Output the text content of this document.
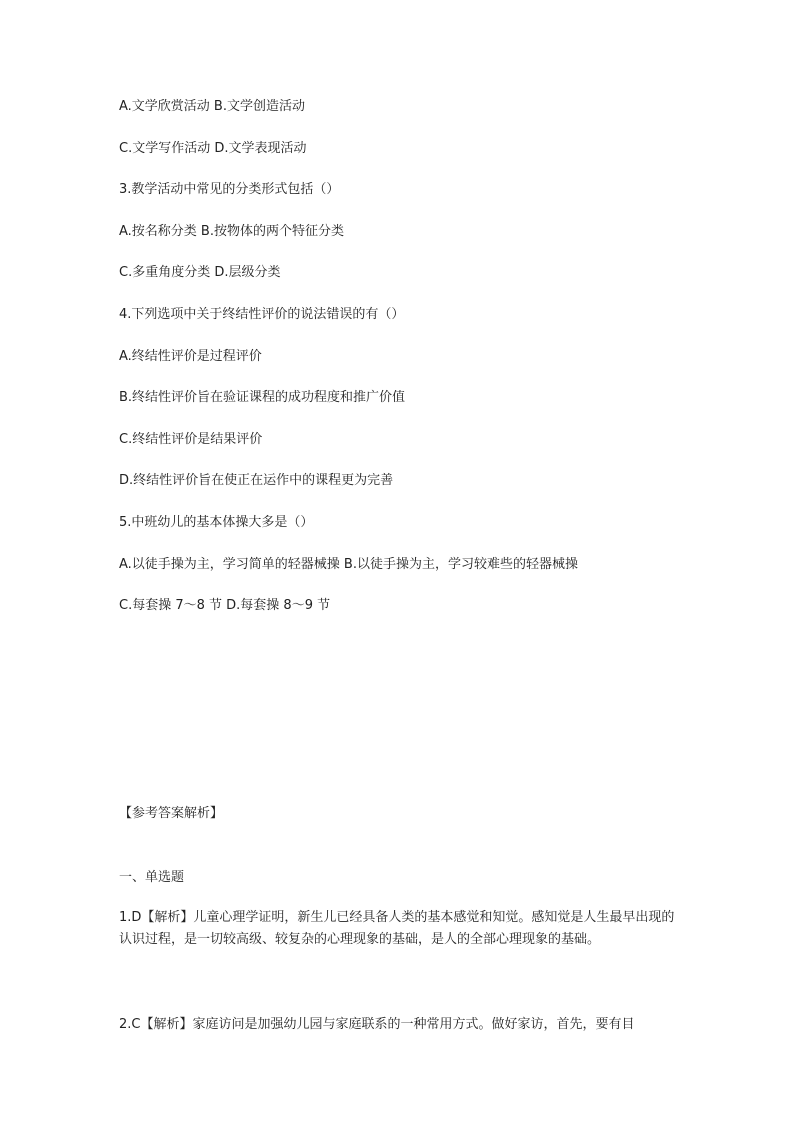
A.文学欣赏活动 B.文学创造活动
C.文学写作活动 D.文学表现活动
3.教学活动中常见的分类形式包括（）
A.按名称分类 B.按物体的两个特征分类
C.多重角度分类 D.层级分类
4.下列选项中关于终结性评价的说法错误的有（）
A.终结性评价是过程评价
B.终结性评价旨在验证课程的成功程度和推广价值
C.终结性评价是结果评价
D.终结性评价旨在使正在运作中的课程更为完善
5.中班幼儿的基本体操大多是（）
A.以徒手操为主，学习简单的轻器械操 B.以徒手操为主，学习较难些的轻器械操
C.每套操 7～8 节 D.每套操 8～9 节
【参考答案解析】
一、单选题
1.D【解析】儿童心理学证明，新生儿已经具备人类的基本感觉和知觉。感知觉是人生最早出现的认识过程，是一切较高级、较复杂的心理现象的基础，是人的全部心理现象的基础。
2.C【解析】家庭访问是加强幼儿园与家庭联系的一种常用方式。做好家访，首先，要有目
